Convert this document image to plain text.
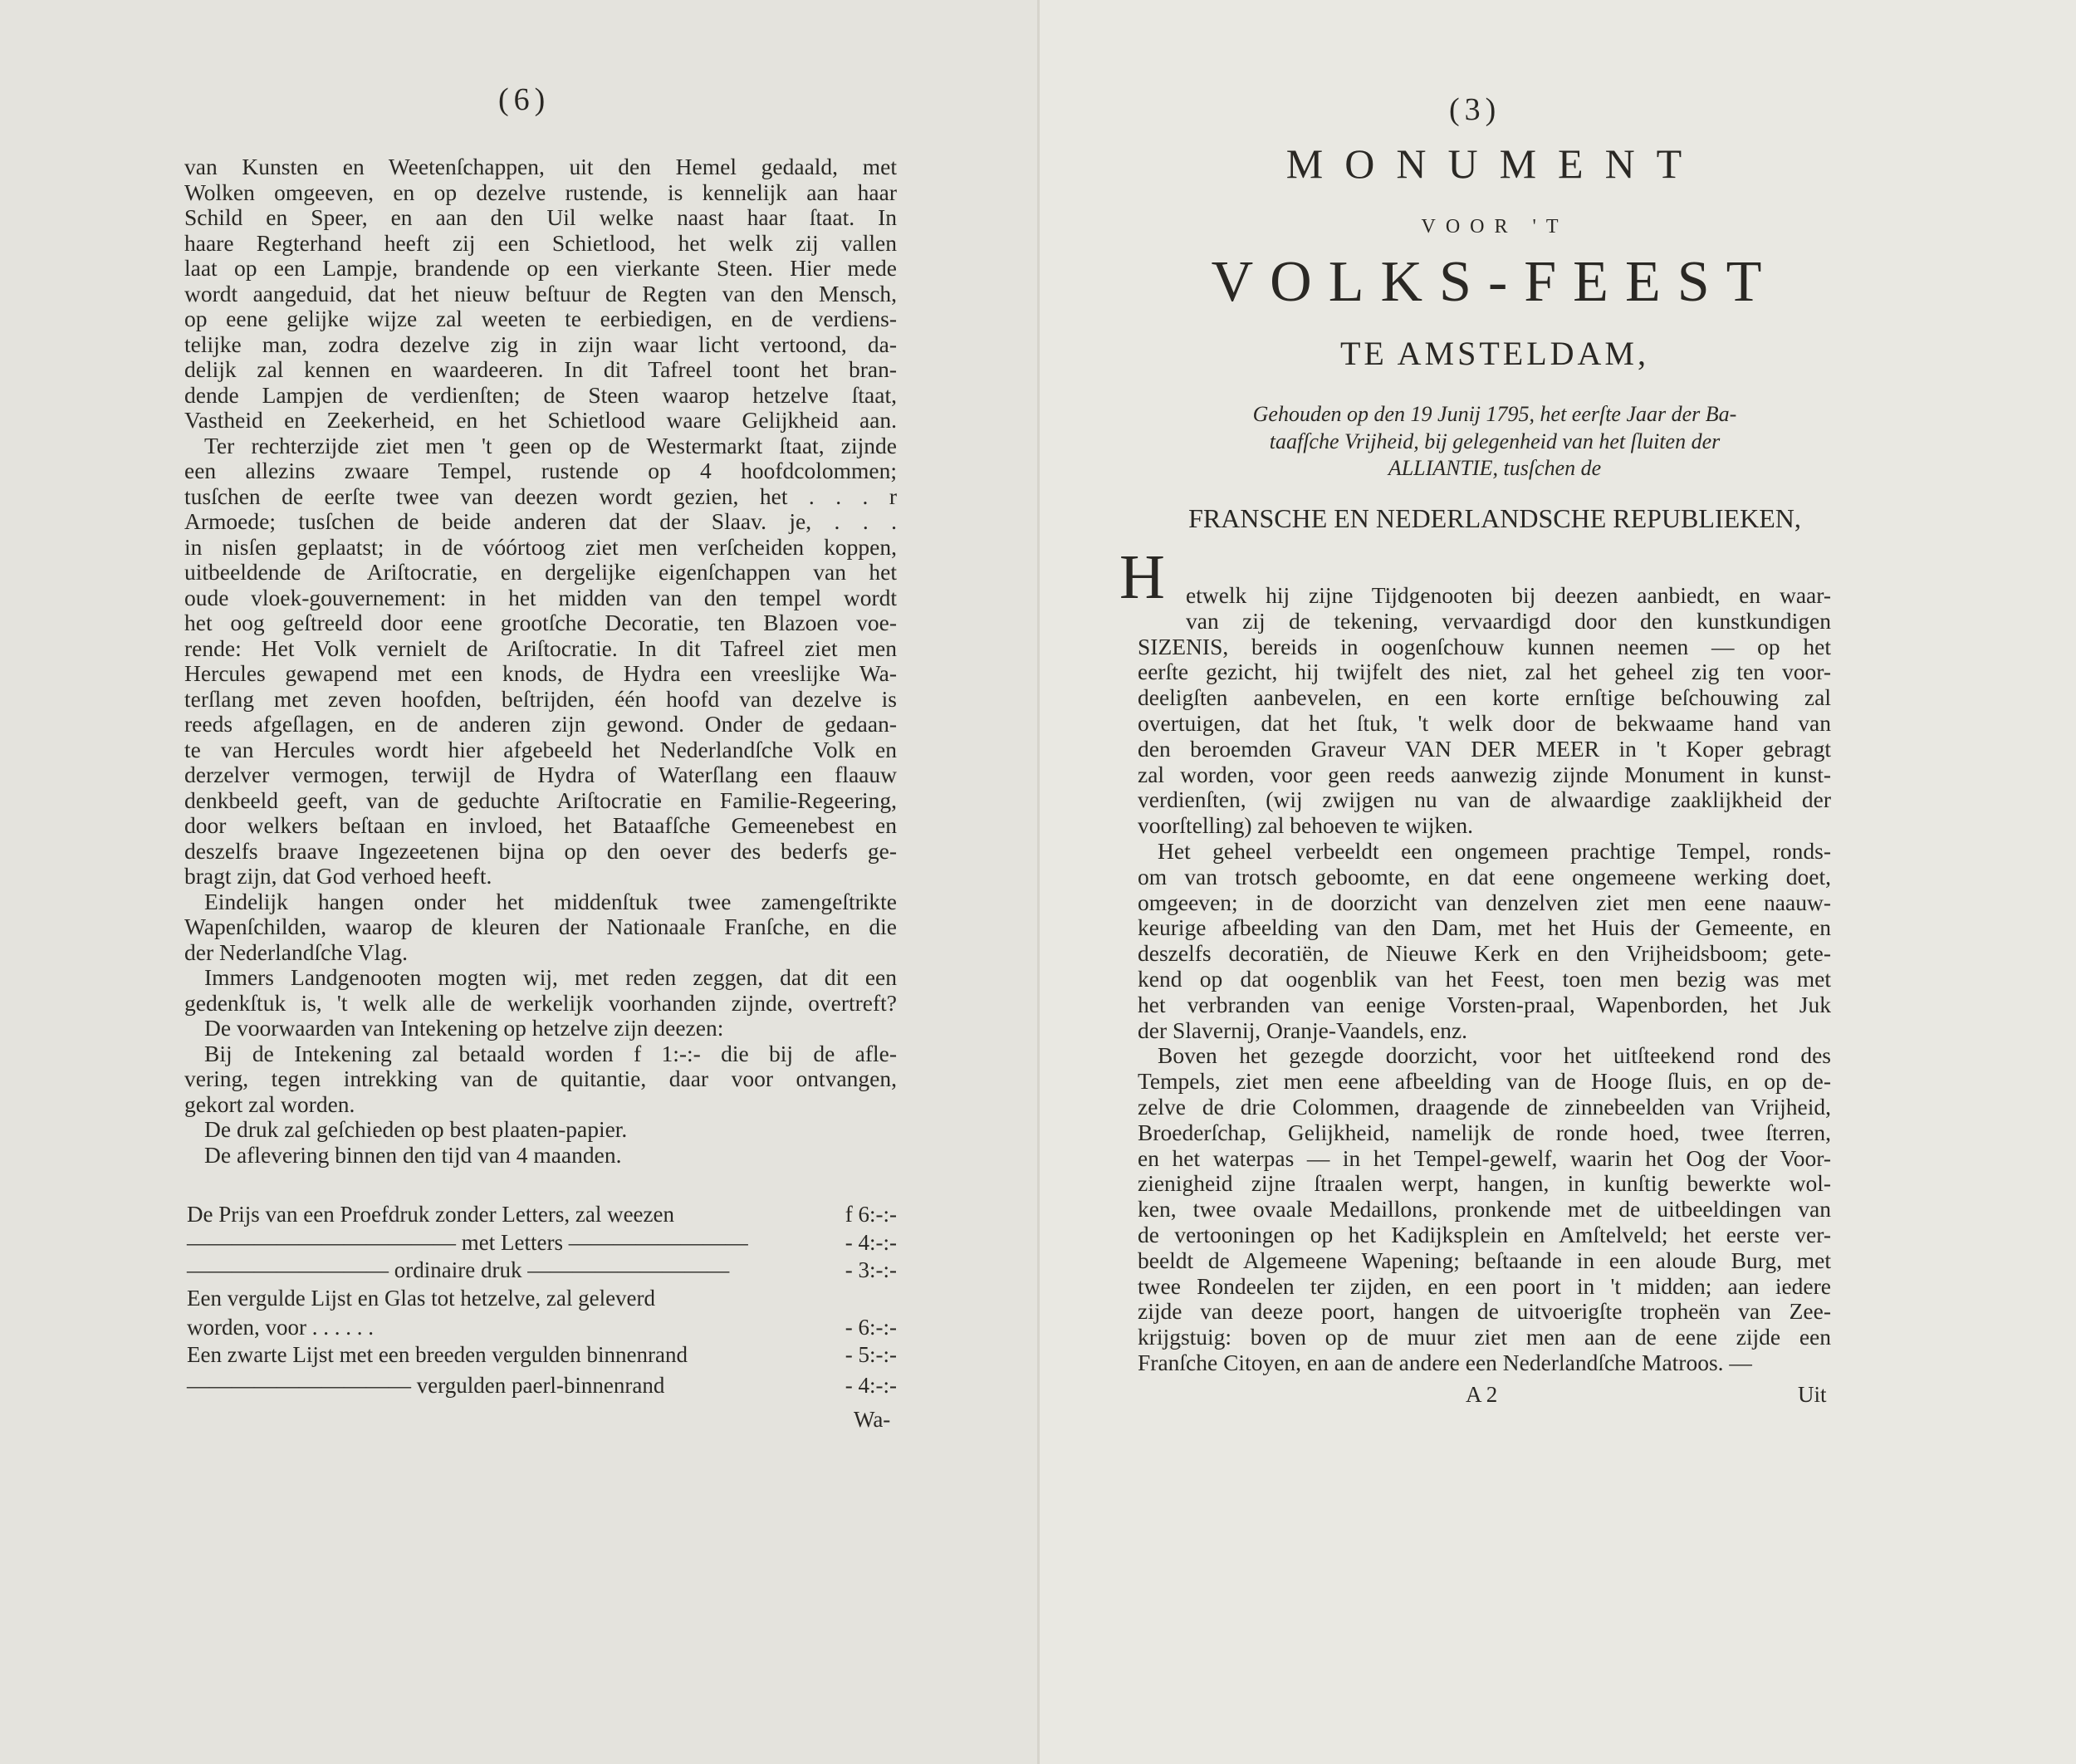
(6)
van Kunsten en Weetenſchappen, uit den Hemel gedaald, met
Wolken omgeeven, en op dezelve rustende, is kennelijk aan haar
Schild en Speer, en aan den Uil welke naast haar ſtaat. In
haare Regterhand heeft zij een Schietlood, het welk zij vallen
laat op een Lampje, brandende op een vierkante Steen. Hier mede
wordt aangeduid, dat het nieuw beſtuur de Regten van den Mensch,
op eene gelijke wijze zal weeten te eerbiedigen, en de verdiens-
telijke man, zodra dezelve zig in zijn waar licht vertoond, da-
delijk zal kennen en waardeeren. In dit Tafreel toont het bran-
dende Lampjen de verdienſten; de Steen waarop hetzelve ſtaat,
Vastheid en Zeekerheid, en het Schietlood waare Gelijkheid aan.
Ter rechterzijde ziet men 't geen op de Westermarkt ſtaat, zijnde
een allezins zwaare Tempel, rustende op 4 hoofdcolommen;
tusſchen de eerſte twee van deezen wordt gezien, het . . . r
Armoede; tusſchen de beide anderen dat der Slaav. je, . . .
in nisſen geplaatst; in de vóórtoog ziet men verſcheiden koppen,
uitbeeldende de Ariſtocratie, en dergelijke eigenſchappen van het
oude vloek-gouvernement: in het midden van den tempel wordt
het oog geſtreeld door eene grootſche Decoratie, ten Blazoen voe-
rende: Het Volk vernielt de Ariſtocratie. In dit Tafreel ziet men
Hercules gewapend met een knods, de Hydra een vreeslijke Wa-
terſlang met zeven hoofden, beſtrijden, één hoofd van dezelve is
reeds afgeſlagen, en de anderen zijn gewond. Onder de gedaan-
te van Hercules wordt hier afgebeeld het Nederlandſche Volk en
derzelver vermogen, terwijl de Hydra of Waterſlang een flaauw
denkbeeld geeft, van de geduchte Ariſtocratie en Familie-Regeering,
door welkers beſtaan en invloed, het Bataafſche Gemeenebest en
deszelfs braave Ingezeetenen bijna op den oever des bederfs ge-
bragt zijn, dat God verhoed heeft.
Eindelijk hangen onder het middenſtuk twee zamengeſtrikte
Wapenſchilden, waarop de kleuren der Nationaale Franſche, en die
der Nederlandſche Vlag.
Immers Landgenooten mogten wij, met reden zeggen, dat dit een
gedenkſtuk is, 't welk alle de werkelijk voorhanden zijnde, overtreft?
De voorwaarden van Intekening op hetzelve zijn deezen:
Bij de Intekening zal betaald worden f 1:-:- die bij de afle-
vering, tegen intrekking van de quitantie, daar voor ontvangen,
gekort zal worden.
De druk zal geſchieden op best plaaten-papier.
De aflevering binnen den tijd van 4 maanden.
De Prijs van een Proefdruk zonder Letters, zal weezen	f 6:-:-
———————————— met Letters ————————	- 4:-:-
————————— ordinaire druk —————————	- 3:-:-
Een vergulde Lijst en Glas tot hetzelve, zal geleverd
worden, voor . . . . . .	- 6:-:-
Een zwarte Lijst met een breeden vergulden binnenrand	- 5:-:-
—————————— vergulden paerl-binnenrand	- 4:-:-
Wa-
(3)
MONUMENT
VOOR 'T
VOLKS-FEEST
TE AMSTELDAM,
Gehouden op den 19 Junij 1795, het eerſte Jaar der Ba-
taafſche Vrijheid, bij gelegenheid van het ſluiten der
ALLIANTIE, tusſchen de
FRANSCHE EN NEDERLANDSCHE REPUBLIEKEN,
H etwelk hij zijne Tijdgenooten bij deezen aanbiedt, en waar-
van zij de tekening, vervaardigd door den kunstkundigen
SIZENIS, bereids in oogenſchouw kunnen neemen — op het
eerſte gezicht, hij twijfelt des niet, zal het geheel zig ten voor-
deeligſten aanbevelen, en een korte ernſtige beſchouwing zal
overtuigen, dat het ſtuk, 't welk door de bekwaame hand van
den beroemden Graveur VAN DER MEER in 't Koper gebragt
zal worden, voor geen reeds aanwezig zijnde Monument in kunst-
verdienſten, (wij zwijgen nu van de alwaardige zaaklijkheid der
voorſtelling) zal behoeven te wijken.
Het geheel verbeeldt een ongemeen prachtige Tempel, ronds-
om van trotsch geboomte, en dat eene ongemeene werking doet,
omgeeven; in de doorzicht van denzelven ziet men eene naauw-
keurige afbeelding van den Dam, met het Huis der Gemeente, en
deszelfs decoratiën, de Nieuwe Kerk en den Vrijheidsboom; gete-
kend op dat oogenblik van het Feest, toen men bezig was met
het verbranden van eenige Vorsten-praal, Wapenborden, het Juk
der Slavernij, Oranje-Vaandels, enz.
Boven het gezegde doorzicht, voor het uitſteekend rond des
Tempels, ziet men eene afbeelding van de Hooge ſluis, en op de-
zelve de drie Colommen, draagende de zinnebeelden van Vrijheid,
Broederſchap, Gelijkheid, namelijk de ronde hoed, twee ſterren,
en het waterpas — in het Tempel-gewelf, waarin het Oog der Voor-
zienigheid zijne ſtraalen werpt, hangen, in kunſtig bewerkte wol-
ken, twee ovaale Medaillons, pronkende met de uitbeeldingen van
de vertooningen op het Kadijksplein en Amſtelveld; het eerste ver-
beeldt de Algemeene Wapening; beſtaande in een aloude Burg, met
twee Rondeelen ter zijden, en een poort in 't midden; aan iedere
zijde van deeze poort, hangen de uitvoerigſte tropheën van Zee-
krijgstuig: boven op de muur ziet men aan de eene zijde een
Franſche Citoyen, en aan de andere een Nederlandſche Matroos. —
A 2	Uit
